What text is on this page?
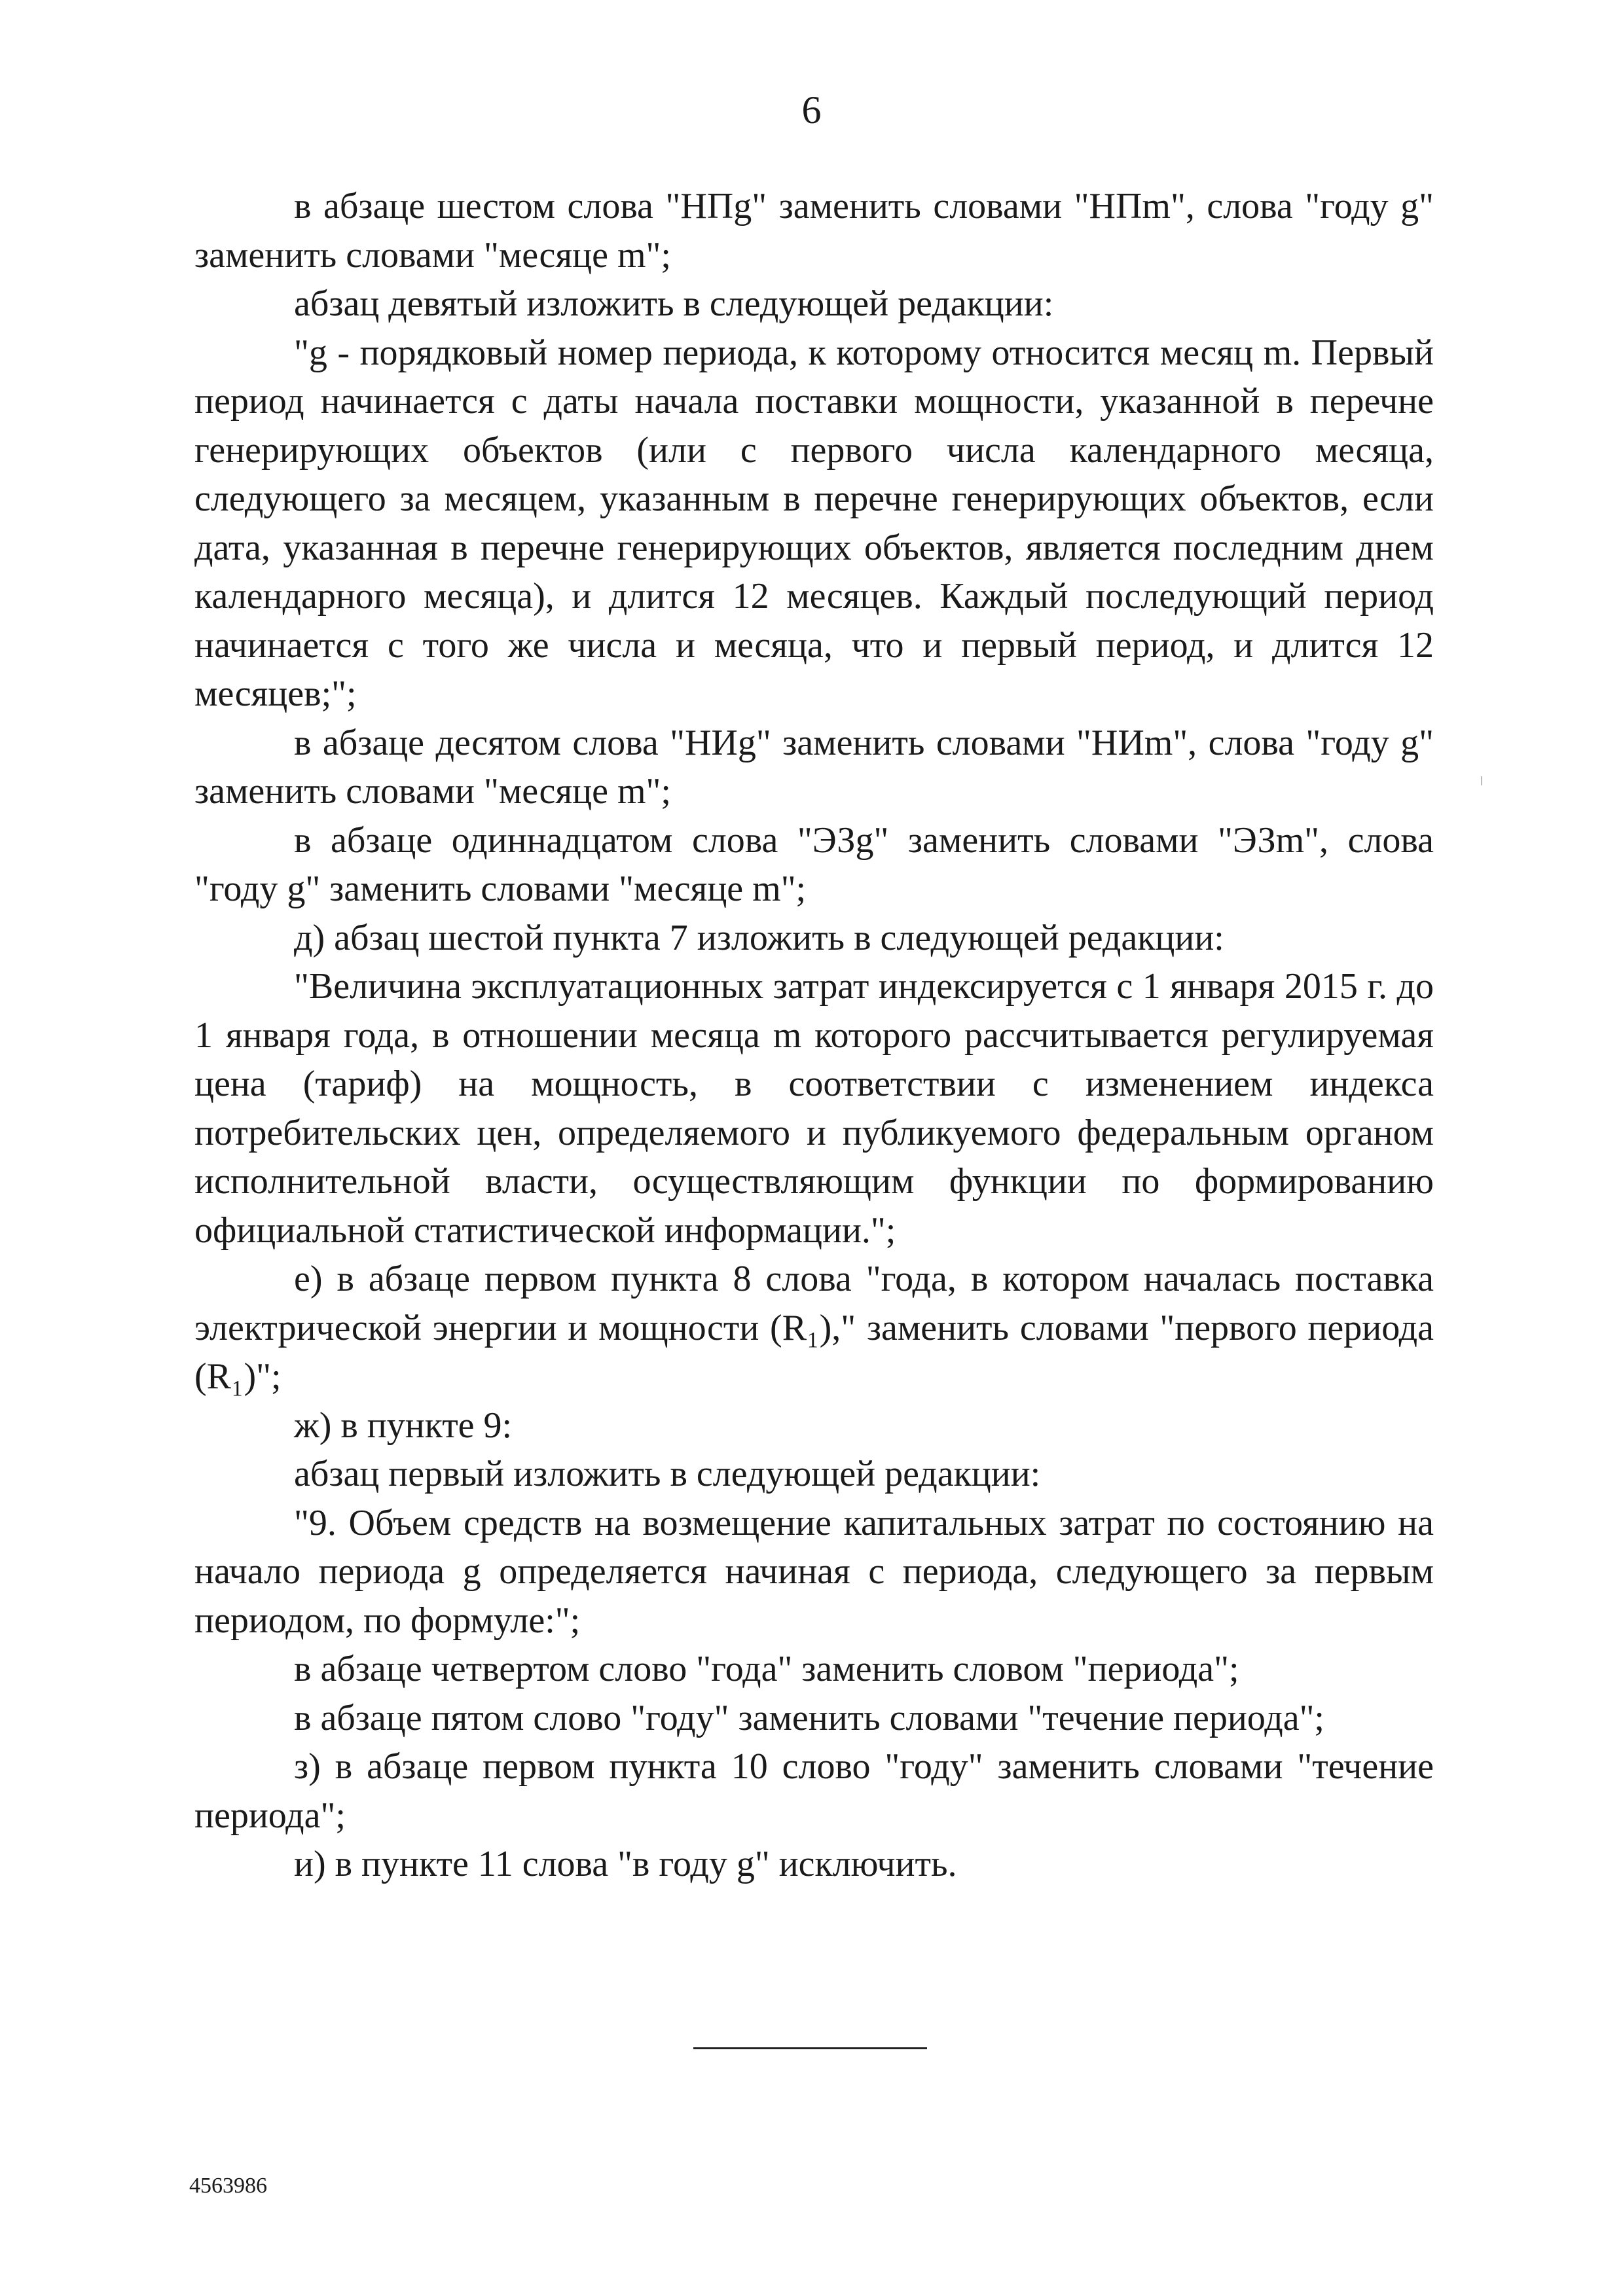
6

в абзаце шестом слова "НПg" заменить словами "НПm", слова "году g" заменить словами "месяце m";

абзац девятый изложить в следующей редакции:

"g - порядковый номер периода, к которому относится месяц m. Первый период начинается с даты начала поставки мощности, указанной в перечне генерирующих объектов (или с первого числа календарного месяца, следующего за месяцем, указанным в перечне генерирующих объектов, если дата, указанная в перечне генерирующих объектов, является последним днем календарного месяца), и длится 12 месяцев. Каждый последующий период начинается с того же числа и месяца, что и первый период, и длится 12 месяцев;";

в абзаце десятом слова "НИg" заменить словами "НИm", слова "году g" заменить словами "месяце m";

в абзаце одиннадцатом слова "ЭЗg" заменить словами "ЭЗm", слова "году g" заменить словами "месяце m";

д) абзац шестой пункта 7 изложить в следующей редакции:

"Величина эксплуатационных затрат индексируется с 1 января 2015 г. до 1 января года, в отношении месяца m которого рассчитывается регулируемая цена (тариф) на мощность, в соответствии с изменением индекса потребительских цен, определяемого и публикуемого федеральным органом исполнительной власти, осуществляющим функции по формированию официальной статистической информации.";

е) в абзаце первом пункта 8 слова "года, в котором началась поставка электрической энергии и мощности (R₁)," заменить словами "первого периода (R₁)";

ж) в пункте 9:

абзац первый изложить в следующей редакции:

"9. Объем средств на возмещение капитальных затрат по состоянию на начало периода g определяется начиная с периода, следующего за первым периодом, по формуле:";

в абзаце четвертом слово "года" заменить словом "периода";

в абзаце пятом слово "году" заменить словами "течение периода";

з) в абзаце первом пункта 10 слово "году" заменить словами "течение периода";

и) в пункте 11 слова "в году g" исключить.

4563986
